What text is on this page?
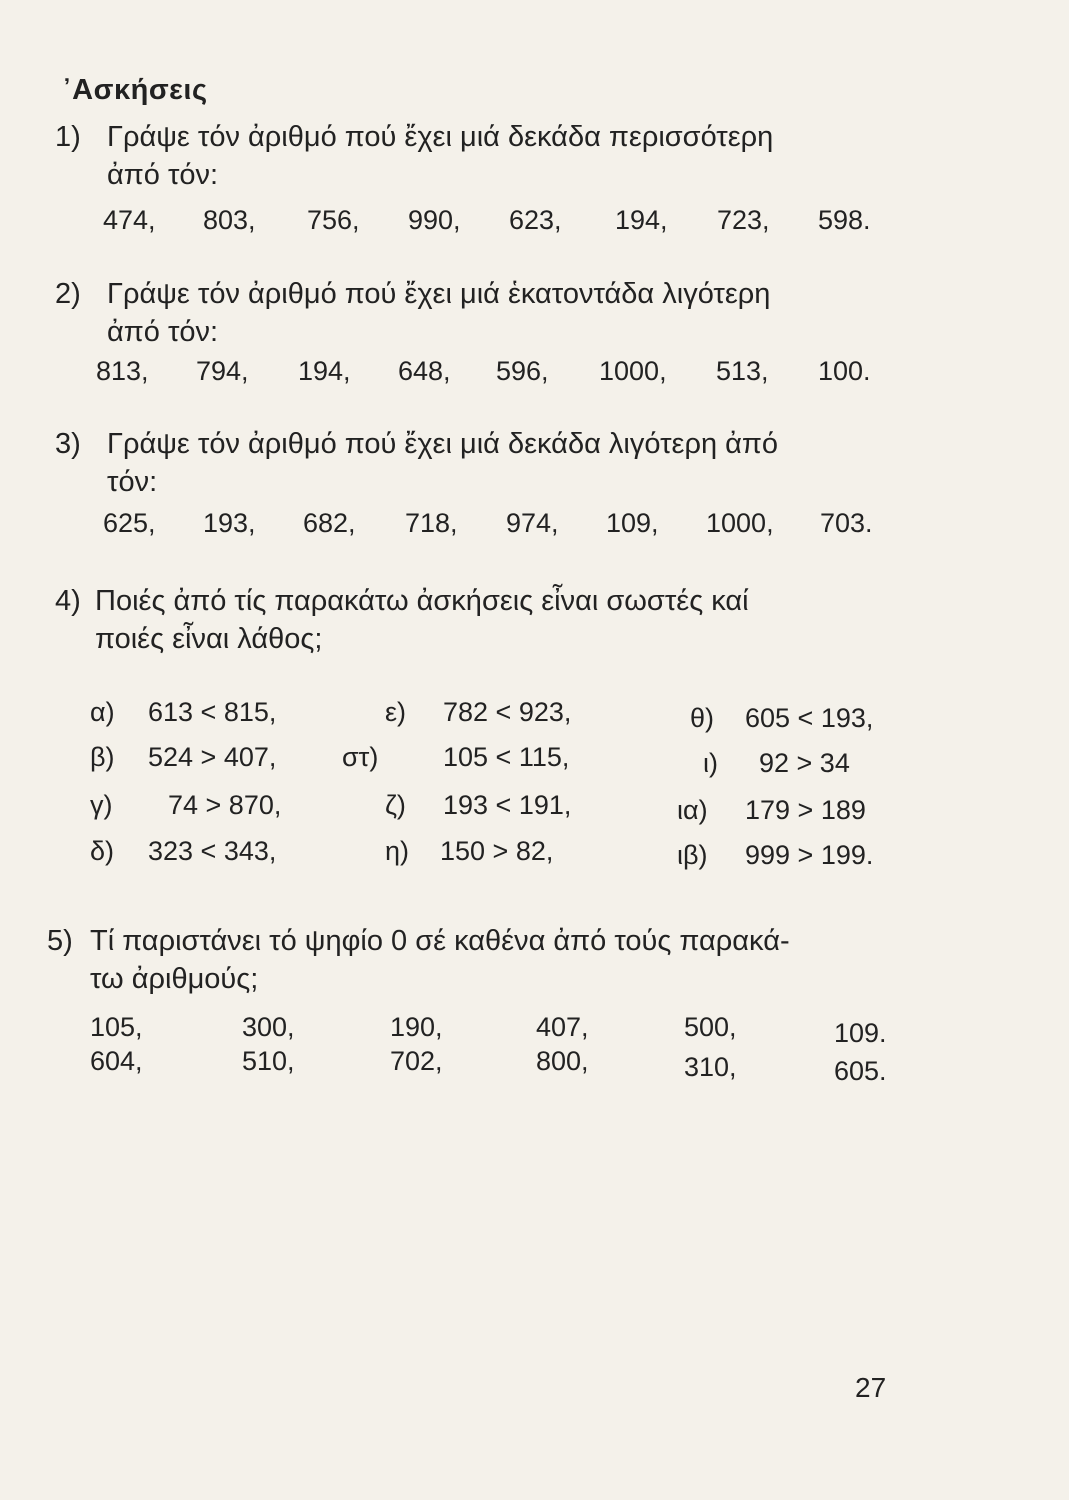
᾿Ασκήσεις
1) Γράψε τόν ἀριθμό πού ἔχει μιά δεκάδα περισσότερη
ἀπό τόν:
474, 803, 756, 990, 623, 194, 723, 598.
2) Γράψε τόν ἀριθμό πού ἔχει μιά ἑκατοντάδα λιγότερη
ἀπό τόν:
813, 794, 194, 648, 596, 1000, 513, 100.
3) Γράψε τόν ἀριθμό πού ἔχει μιά δεκάδα λιγότερη ἀπό
τόν:
625, 193, 682, 718, 974, 109, 1000, 703.
4) Ποιές ἀπό τίς παρακάτω ἀσκήσεις εἶναι σωστές καί
ποιές εἶναι λάθος;
α) 613 < 815,
β) 524 > 407,
γ) 74 > 870,
δ) 323 < 343,
ε) 782 < 923,
στ) 105 < 115,
ζ) 193 < 191,
η) 150 > 82,
θ) 605 < 193,
ι) 92 > 34
ια) 179 > 189
ιβ) 999 > 199.
5) Τί παριστάνει τό ψηφίο 0 σέ καθένα ἀπό τούς παρακά-
τω ἀριθμούς;
105,	300,	190,	407,	500,	109.
604,	510,	702,	800,	310,	605.
27
